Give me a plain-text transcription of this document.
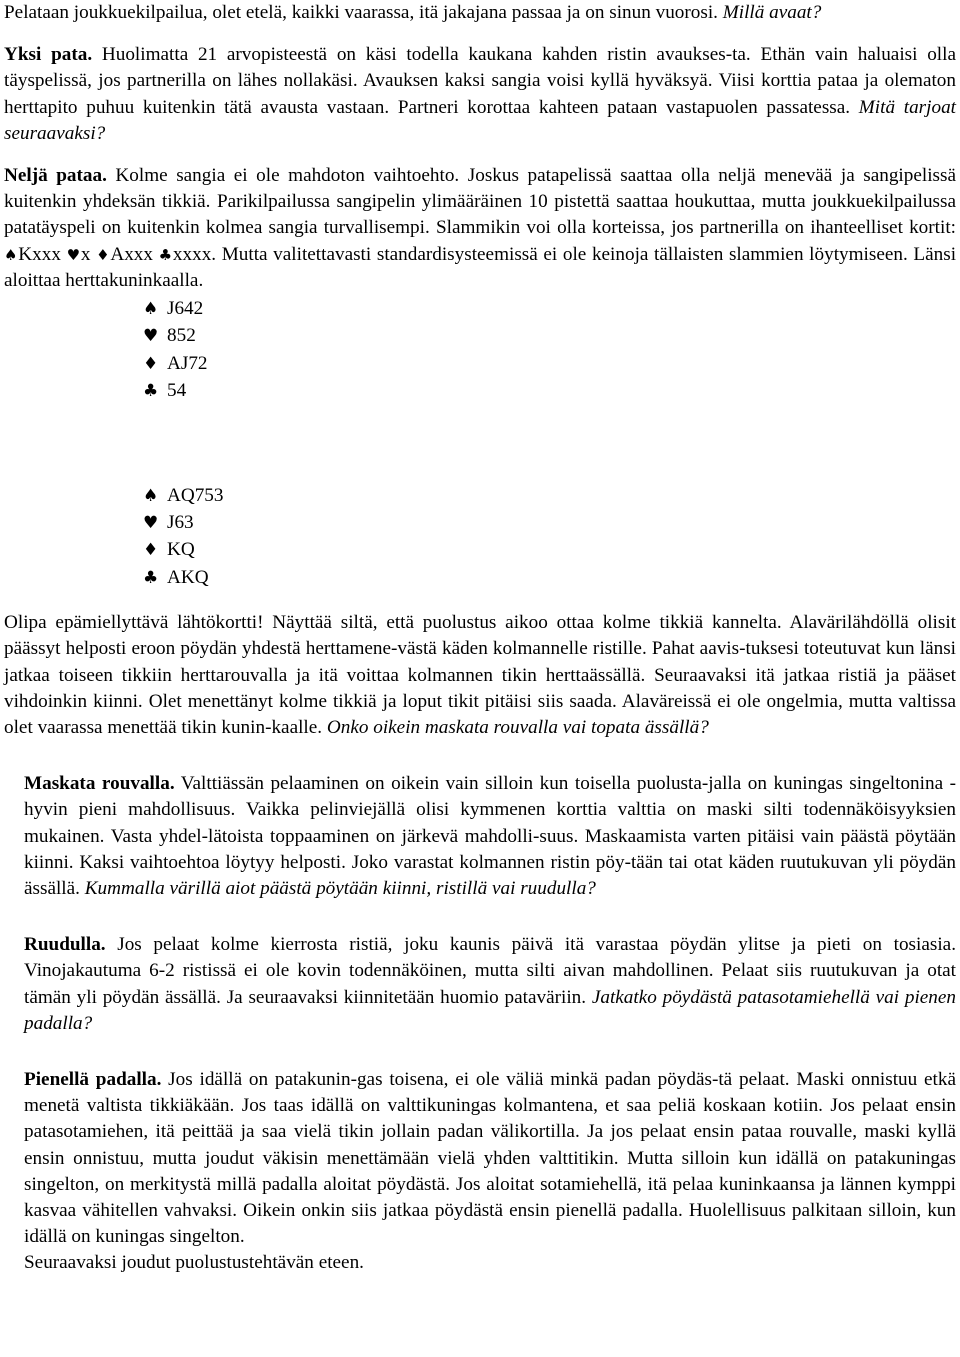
Pelataan joukkuekilpailua, olet etelä, kaikki vaarassa, itä jakajana passaa ja on sinun vuorosi. Millä avaat?

Yksi pata. Huolimatta 21 arvopisteestä on käsi todella kaukana kahden ristin avaukses-ta. Ethän vain haluaisi olla täyspelissä, jos partnerilla on lähes nollakäsi. Avauksen kaksi sangia voisi kyllä hyväksyä. Viisi korttia pataa ja olematon herttapito puhuu kuitenkin tätä avausta vastaan. Partneri korottaa kahteen pataan vastapuolen passatessa. Mitä tarjoat seuraavaksi?

Neljä pataa. Kolme sangia ei ole mahdoton vaihtoehto. Joskus patapelissä saattaa olla neljä menevää ja sangipelissä kuitenkin yhdeksän tikkiä. Parikilpailussa sangipelin ylimääräinen 10 pistettä saattaa houkuttaa, mutta joukkuekilpailussa patatäyspeli on kuitenkin kolmea sangia turvallisempi. Slammikin voi olla korteissa, jos partnerilla on ihanteelliset kortit: ♠Kxxx ♥x ♦Axxx ♣xxxx. Mutta valitettavasti standardisysteemissä ei ole keinoja tällaisten slammien löytymiseen. Länsi aloittaa herttakuninkaalla.

♠ J642
♥ 852
♦ AJ72
♣ 54
♠ AQ753
♥ J63
♦ KQ
♣ AKQ

Olipa epämiellyttävä lähtökortti! Näyttää siltä, että puolustus aikoo ottaa kolme tikkiä kannelta. Alavärilähdöllä olisit päässyt helposti eroon pöydän yhdestä herttamene-västä käden kolmannelle ristille. Pahat aavis-tuksesi toteutuvat kun länsi jatkaa toiseen tikkiin herttarouvalla ja itä voittaa kolmannen tikin herttaässällä. Seuraavaksi itä jatkaa ristiä ja pääset vihdoinkin kiinni. Olet menettänyt kolme tikkiä ja loput tikit pitäisi siis saada. Alaväreissä ei ole ongelmia, mutta valtissa olet vaarassa menettää tikin kunin-kaalle. Onko oikein maskata rouvalla vai topata ässällä?

Maskata rouvalla. Valttiässän pelaaminen on oikein vain silloin kun toisella puolusta-jalla on kuningas singeltonina - hyvin pieni mahdollisuus. Vaikka pelinviejällä olisi kymmenen korttia valttia on maski silti todennäköisyyksien mukainen. Vasta yhdel-lätoista toppaaminen on järkevä mahdolli-suus. Maskaamista varten pitäisi vain päästä pöytään kiinni. Kaksi vaihtoehtoa löytyy helposti. Joko varastat kolmannen ristin pöy-tään tai otat käden ruutukuvan yli pöydän ässällä. Kummalla värillä aiot päästä pöytään kiinni, ristillä vai ruudulla?

Ruudulla. Jos pelaat kolme kierrosta ristiä, joku kaunis päivä itä varastaa pöydän ylitse ja pieti on tosiasia. Vinojakautuma 6-2 ristissä ei ole kovin todennäköinen, mutta silti aivan mahdollinen. Pelaat siis ruutukuvan ja otat tämän yli pöydän ässällä. Ja seuraavaksi kiinnitetään huomio pataväriin. Jatkatko pöydästä patasotamiehellä vai pienen padalla?

Pienellä padalla. Jos idällä on patakunin-gas toisena, ei ole väliä minkä padan pöydäs-tä pelaat. Maski onnistuu etkä menetä valtista tikkiäkään. Jos taas idällä on valttikuningas kolmantena, et saa peliä koskaan kotiin. Jos pelaat ensin patasotamiehen, itä peittää ja saa vielä tikin jollain padan välikortilla. Ja jos pelaat ensin pataa rouvalle, maski kyllä ensin onnistuu, mutta joudut väkisin menettämään vielä yhden valttitikin. Mutta silloin kun idällä on patakuningas singelton, on merkitystä millä padalla aloitat pöydästä. Jos aloitat sotamiehellä, itä pelaa kuninkaansa ja lännen kymppi kasvaa vähitellen vahvaksi. Oikein onkin siis jatkaa pöydästä ensin pienellä padalla. Huolellisuus palkitaan silloin, kun idällä on kuningas singelton.

Seuraavaksi joudut puolustustehtävän eteen.
